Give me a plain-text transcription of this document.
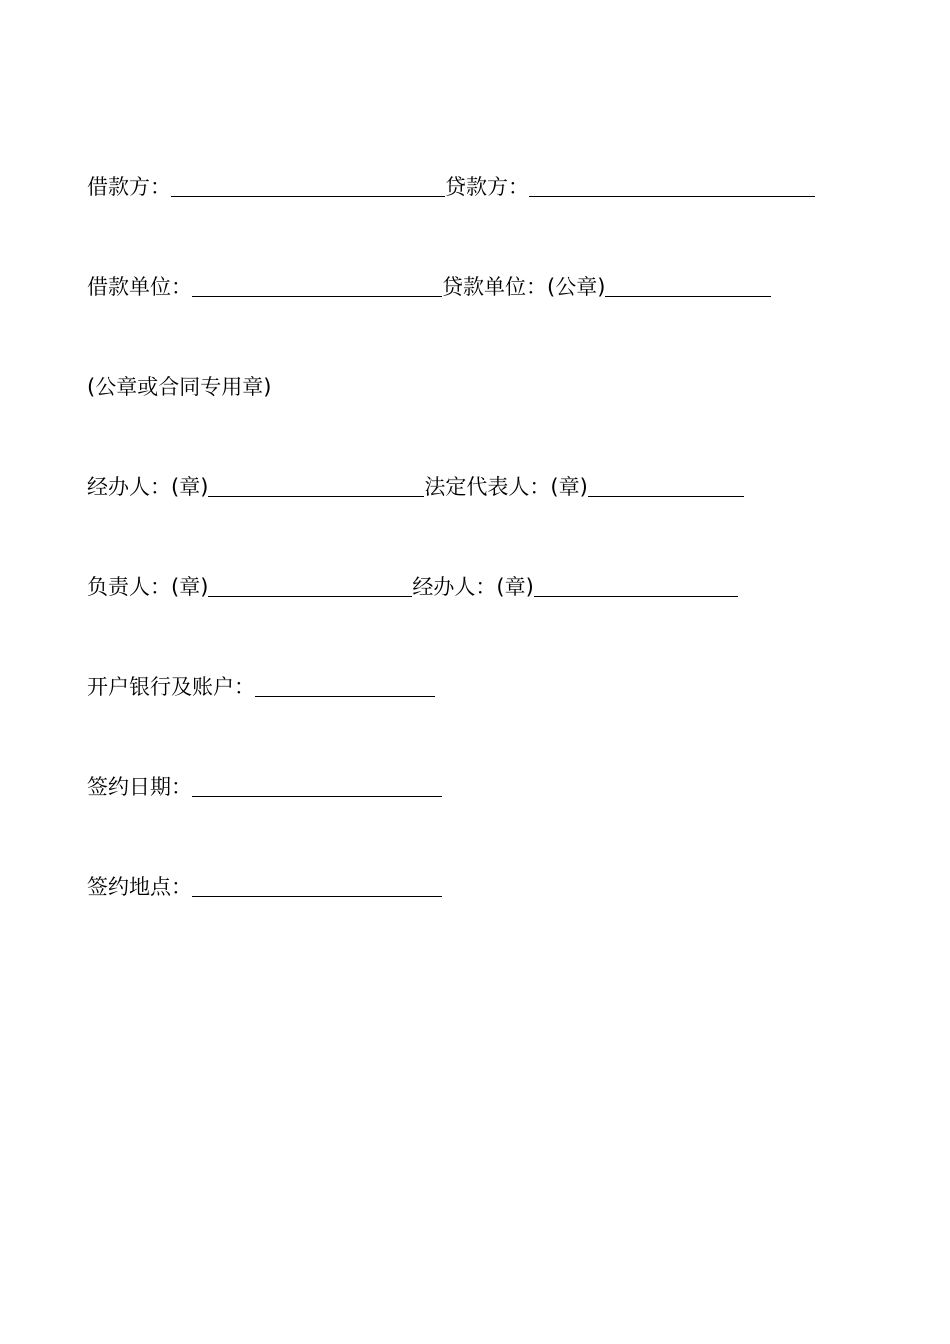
借款方：	贷款方：
借款单位：	贷款单位：(公章)
(公章或合同专用章)
经办人：(章)	法定代表人：(章)
负责人：(章)	经办人：(章)
开户银行及账户：
签约日期：
签约地点：
